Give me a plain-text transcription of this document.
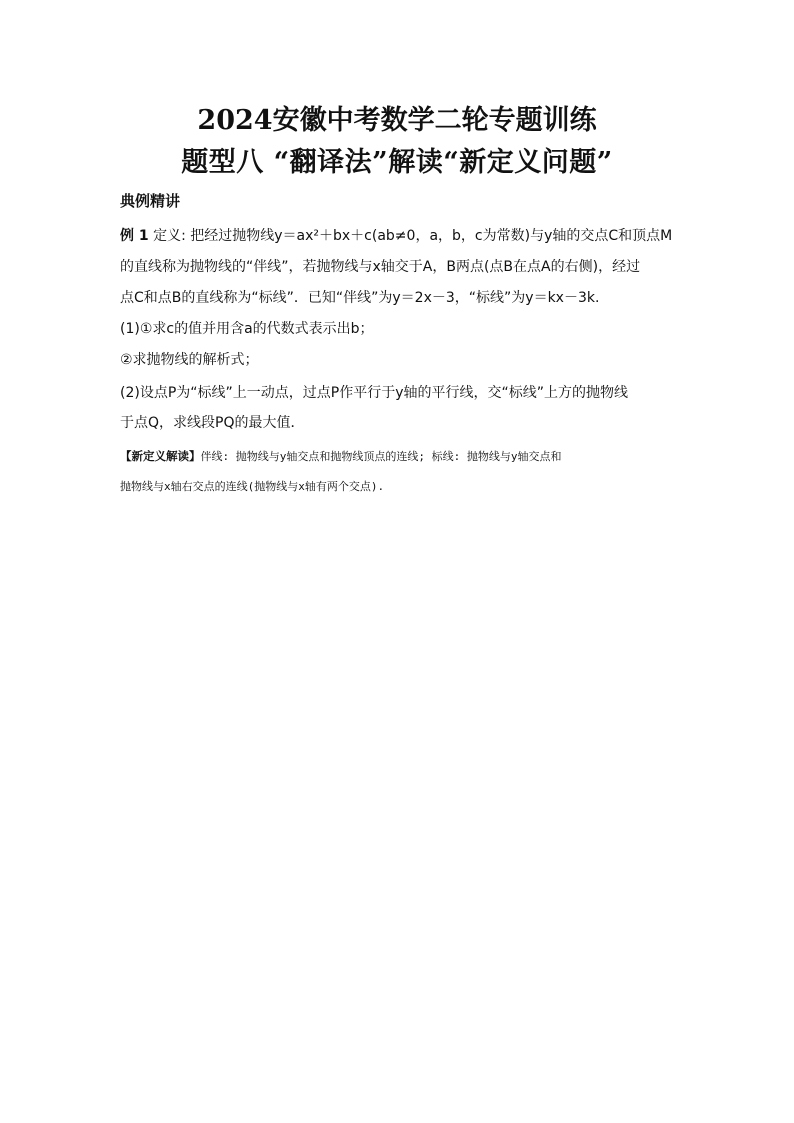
2024安徽中考数学二轮专题训练
题型八 “翻译法”解读“新定义问题”
典例精讲
例 1 定义: 把经过抛物线y＝ax²＋bx＋c(ab≠0，a，b，c为常数)与y轴的交点C和顶点M
的直线称为抛物线的“伴线”，若抛物线与x轴交于A，B两点(点B在点A的右侧)，经过
点C和点B的直线称为“标线”．已知“伴线”为y＝2x－3，“标线”为y＝kx－3k.
(1)①求c的值并用含a的代数式表示出b；
②求抛物线的解析式；
(2)设点P为“标线”上一动点，过点P作平行于y轴的平行线，交“标线”上方的抛物线
于点Q，求线段PQ的最大值．
【新定义解读】伴线: 抛物线与y轴交点和抛物线顶点的连线; 标线: 抛物线与y轴交点和
抛物线与x轴右交点的连线(抛物线与x轴有两个交点).
